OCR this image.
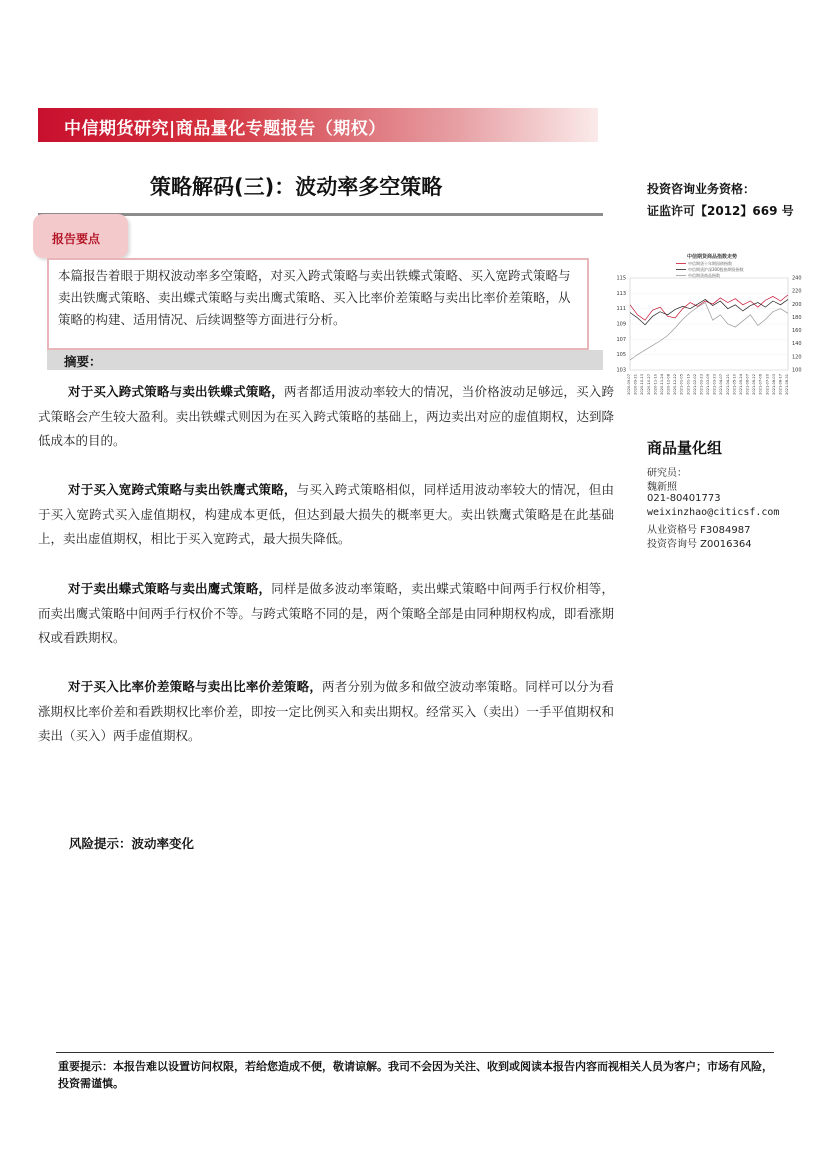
中信期货研究|商品量化专题报告（期权）
策略解码(三)：波动率多空策略	投资咨询业务资格：
证监许可【2012】669 号
报告要点
本篇报告着眼于期权波动率多空策略，对买入跨式策略与卖出铁蝶式策略、买入宽跨式策略与卖出铁鹰式策略、卖出蝶式策略与卖出鹰式策略、买入比率价差策略与卖出比率价差策略，从策略的构建、适用情况、后续调整等方面进行分析。
摘要：
对于买入跨式策略与卖出铁蝶式策略，两者都适用波动率较大的情况，当价格波动足够远，买入跨式策略会产生较大盈利。卖出铁蝶式则因为在买入跨式策略的基础上，两边卖出对应的虚值期权，达到降低成本的目的。
对于买入宽跨式策略与卖出铁鹰式策略，与买入跨式策略相似，同样适用波动率较大的情况，但由于买入宽跨式买入虚值期权，构建成本更低，但达到最大损失的概率更大。卖出铁鹰式策略是在此基础上，卖出虚值期权，相比于买入宽跨式，最大损失降低。
对于卖出蝶式策略与卖出鹰式策略，同样是做多波动率策略，卖出蝶式策略中间两手行权价相等，而卖出鹰式策略中间两手行权价不等。与跨式策略不同的是，两个策略全部是由同种期权构成，即看涨期权或看跌期权。
对于买入比率价差策略与卖出比率价差策略，两者分别为做多和做空波动率策略。同样可以分为看涨期权比率价差和看跌期权比率价差，即按一定比例买入和卖出期权。经常买入（卖出）一手平值期权和卖出（买入）两手虚值期权。
风险提示：波动率变化
中信期货商品指数走势
中信期货十年期国债指数
中信期货沪深300股指期货指数
中信期货商品指数
115
113
111
109
107
105
103
240
220
200
180
160
140
120
100
2020-09-07 2020-09-21 2020-10-13 2020-10-27 2020-11-10 2020-11-24 2020-12-08 2020-12-22 2021-01-05 2021-01-19 2021-02-02 2021-02-23 2021-03-09 2021-03-23 2021-04-07 2021-04-21 2021-05-10 2021-05-24 2021-06-07 2021-06-22 2021-07-06 2021-07-20 2021-08-03 2021-08-17 2021-08-31
商品量化组
研究员：
魏新照
021-80401773
weixinzhao@citicsf.com
从业资格号 F3084987
投资咨询号 Z0016364
重要提示：本报告难以设置访问权限，若给您造成不便，敬请谅解。我司不会因为关注、收到或阅读本报告内容而视相关人员为客户；市场有风险，投资需谨慎。
